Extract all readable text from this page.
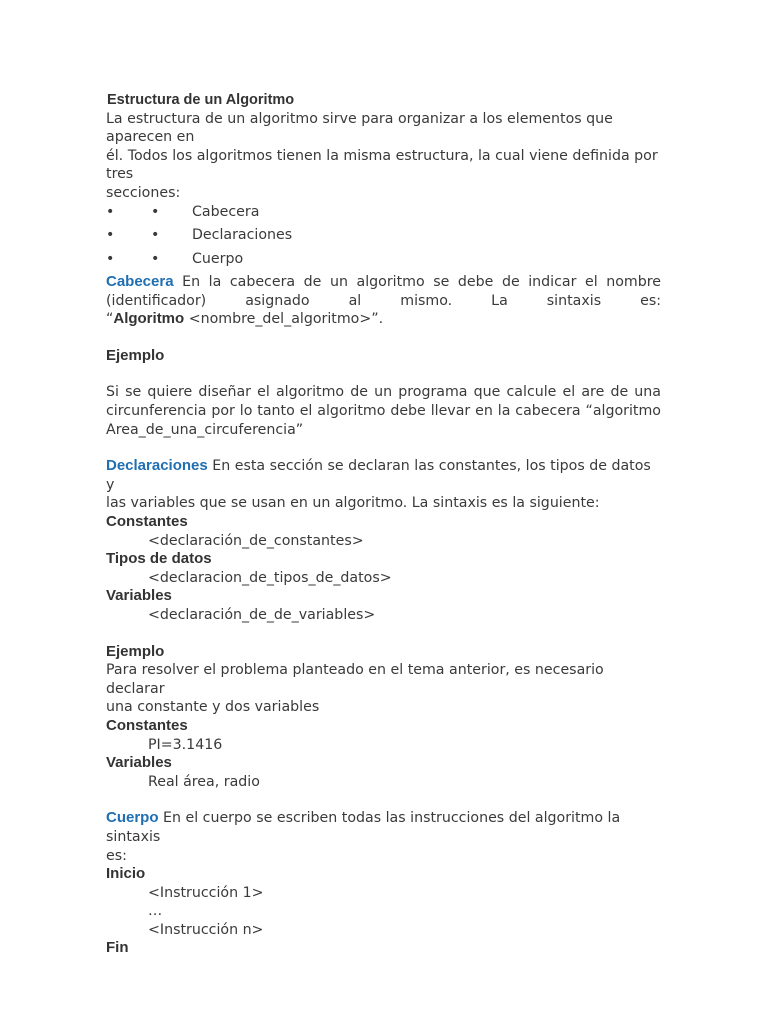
Estructura de un Algoritmo

La estructura de un algoritmo sirve para organizar a los elementos que aparecen en
él. Todos los algoritmos tienen la misma estructura, la cual viene definida por tres
secciones:

•	• Cabecera
•	• Declaraciones
•	• Cuerpo

Cabecera En la cabecera de un algoritmo se debe de indicar el nombre

(identificador) asignado al mismo. La sintaxis es:

“Algoritmo <nombre_del_algoritmo>”.

Ejemplo

Si se quiere diseñar el algoritmo de un programa que calcule el are de una

circunferencia por lo tanto el algoritmo debe llevar en la cabecera “algoritmo

Area_de_una_circuferencia”

Declaraciones En esta sección se declaran las constantes, los tipos de datos y

las variables que se usan en un algoritmo. La sintaxis es la siguiente:

Constantes

<declaración_de_constantes>

Tipos de datos

<declaracion_de_tipos_de_datos>

Variables

<declaración_de_de_variables>

Ejemplo

Para resolver el problema planteado en el tema anterior, es necesario declarar

una constante y dos variables

Constantes

PI=3.1416

Variables

Real área, radio

Cuerpo En el cuerpo se escriben todas las instrucciones del algoritmo la sintaxis

es:

Inicio

<Instrucción 1>

…

<Instrucción n>

Fin
